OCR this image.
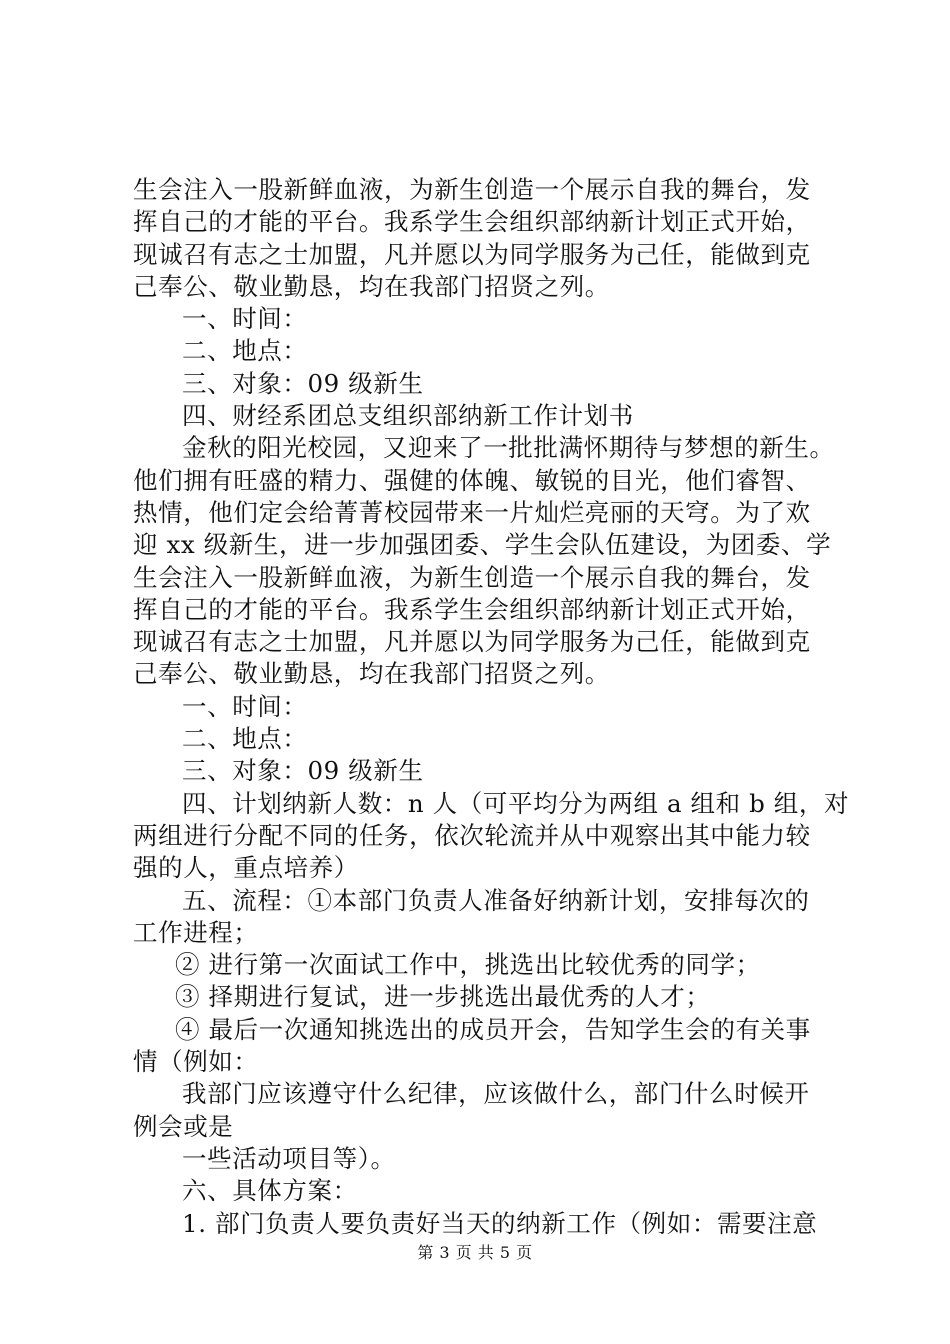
生会注入一股新鲜血液，为新生创造一个展示自我的舞台，发
挥自己的才能的平台。我系学生会组织部纳新计划正式开始，
现诚召有志之士加盟，凡并愿以为同学服务为己任，能做到克
己奉公、敬业勤恳，均在我部门招贤之列。
一、时间：
二、地点：
三、对象：09 级新生
四、财经系团总支组织部纳新工作计划书
金秋的阳光校园，又迎来了一批批满怀期待与梦想的新生。
他们拥有旺盛的精力、强健的体魄、敏锐的目光，他们睿智、
热情，他们定会给菁菁校园带来一片灿烂亮丽的天穹。为了欢
迎 xx 级新生，进一步加强团委、学生会队伍建设，为团委、学
生会注入一股新鲜血液，为新生创造一个展示自我的舞台，发
挥自己的才能的平台。我系学生会组织部纳新计划正式开始，
现诚召有志之士加盟，凡并愿以为同学服务为己任，能做到克
己奉公、敬业勤恳，均在我部门招贤之列。
一、时间：
二、地点：
三、对象：09 级新生
四、计划纳新人数：n 人（可平均分为两组 a 组和 b 组，对
两组进行分配不同的任务，依次轮流并从中观察出其中能力较
强的人，重点培养）
五、流程：①本部门负责人准备好纳新计划，安排每次的
工作进程；
② 进行第一次面试工作中，挑选出比较优秀的同学；
③ 择期进行复试，进一步挑选出最优秀的人才；
④ 最后一次通知挑选出的成员开会，告知学生会的有关事
情（例如：
我部门应该遵守什么纪律，应该做什么，部门什么时候开
例会或是
一些活动项目等）。
六、具体方案：
1. 部门负责人要负责好当天的纳新工作（例如：需要注意
第 3 页 共 5 页
